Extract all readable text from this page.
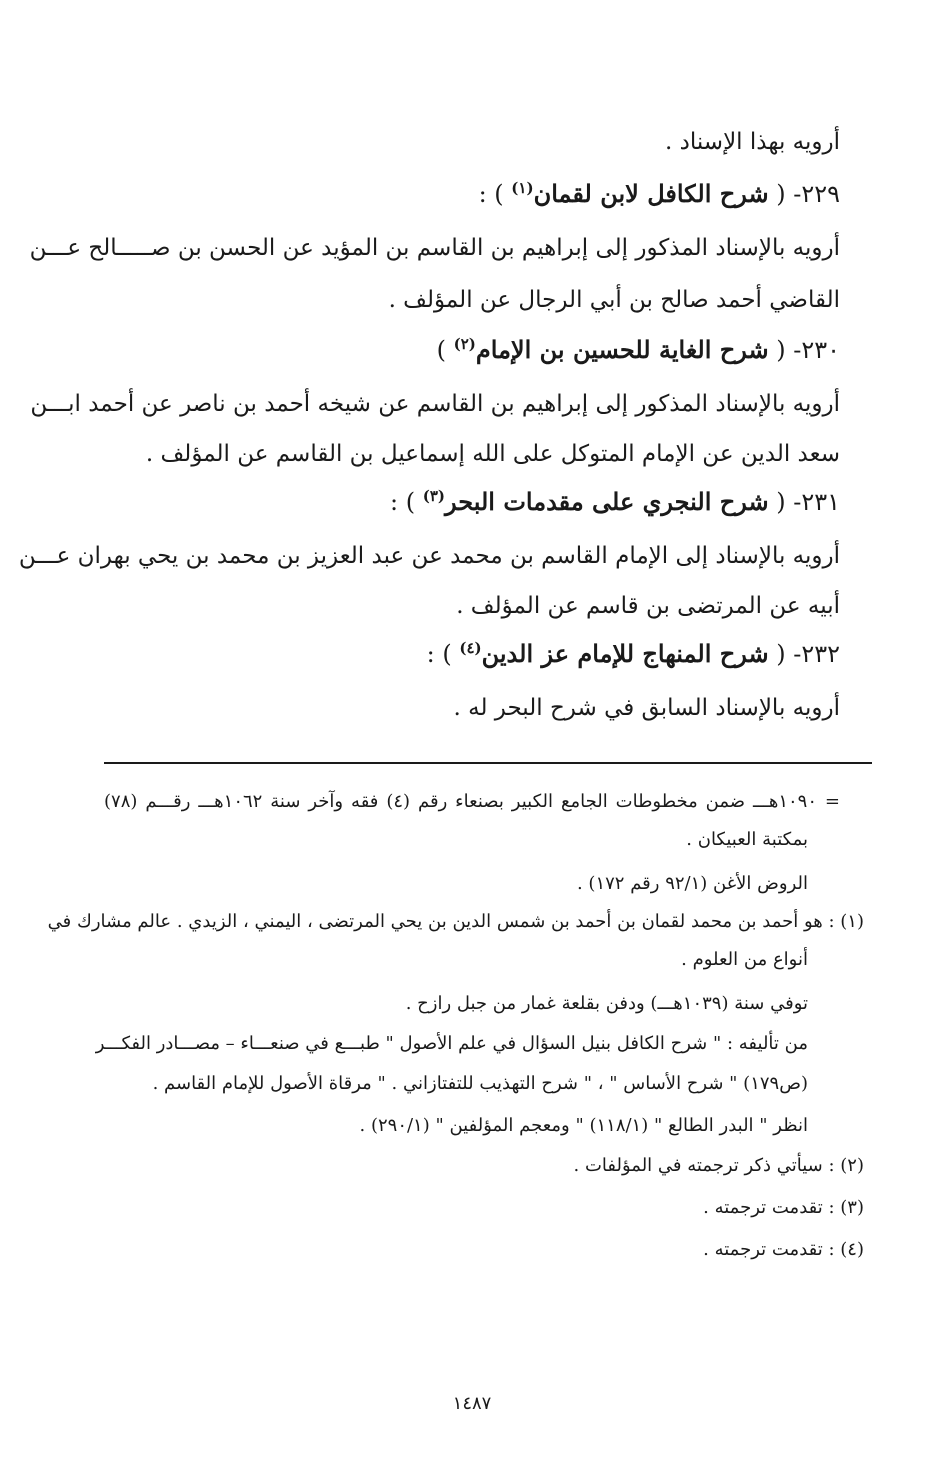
أرويه بهذا الإسناد .
٢٢٩- ( شرح الكافل لابن لقمان$^{(١)}$ ) :
أرويه بالإسناد المذكور إلى إبراهيم بن القاسم بن المؤيد عن الحسن بن صـــــالح عـــن
القاضي أحمد صالح بن أبي الرجال عن المؤلف .
٢٣٠- ( شرح الغاية للحسين بن الإمام$^{(٢)}$ )
أرويه بالإسناد المذكور إلى إبراهيم بن القاسم عن شيخه أحمد بن ناصر عن أحمد ابـــن
سعد الدين عن الإمام المتوكل على الله إسماعيل بن القاسم عن المؤلف .
٢٣١- ( شرح النجري على مقدمات البحر$^{(٣)}$ ) :
أرويه بالإسناد إلى الإمام القاسم بن محمد عن عبد العزيز بن محمد بن يحي بهران عـــن
أبيه عن المرتضى بن قاسم عن المؤلف .
٢٣٢- ( شرح المنهاج للإمام عز الدين$^{(٤)}$ ) :
أرويه بالإسناد السابق في شرح البحر له .
= ١٠٩٠هـــ ضمن مخطوطات الجامع الكبير بصنعاء رقم (٤) فقه وآخر سنة ١٠٦٢هـــ رقـــم (٧٨)
بمكتبة العبيكان .
الروض الأغن (٩٢/١ رقم ١٧٢) .
(١) : هو أحمد بن محمد لقمان بن أحمد بن شمس الدين بن يحي المرتضى ، اليمني ، الزيدي . عالم مشارك في
أنواع من العلوم .
توفي سنة (١٠٣٩هـــ) ودفن بقلعة غمار من جبل رازح .
من تأليفه : " شرح الكافل بنيل السؤال في علم الأصول " طبـــع في صنعـــاء – مصـــادر الفكـــر
(ص١٧٩) " شرح الأساس " ، " شرح التهذيب للتفتازاني . " مرقاة الأصول للإمام القاسم .
انظر " البدر الطالع " (١١٨/١) " ومعجم المؤلفين " (٢٩٠/١) .
(٢) : سيأتي ذكر ترجمته في المؤلفات .
(٣) : تقدمت ترجمته .
(٤) : تقدمت ترجمته .
١٤٨٧
